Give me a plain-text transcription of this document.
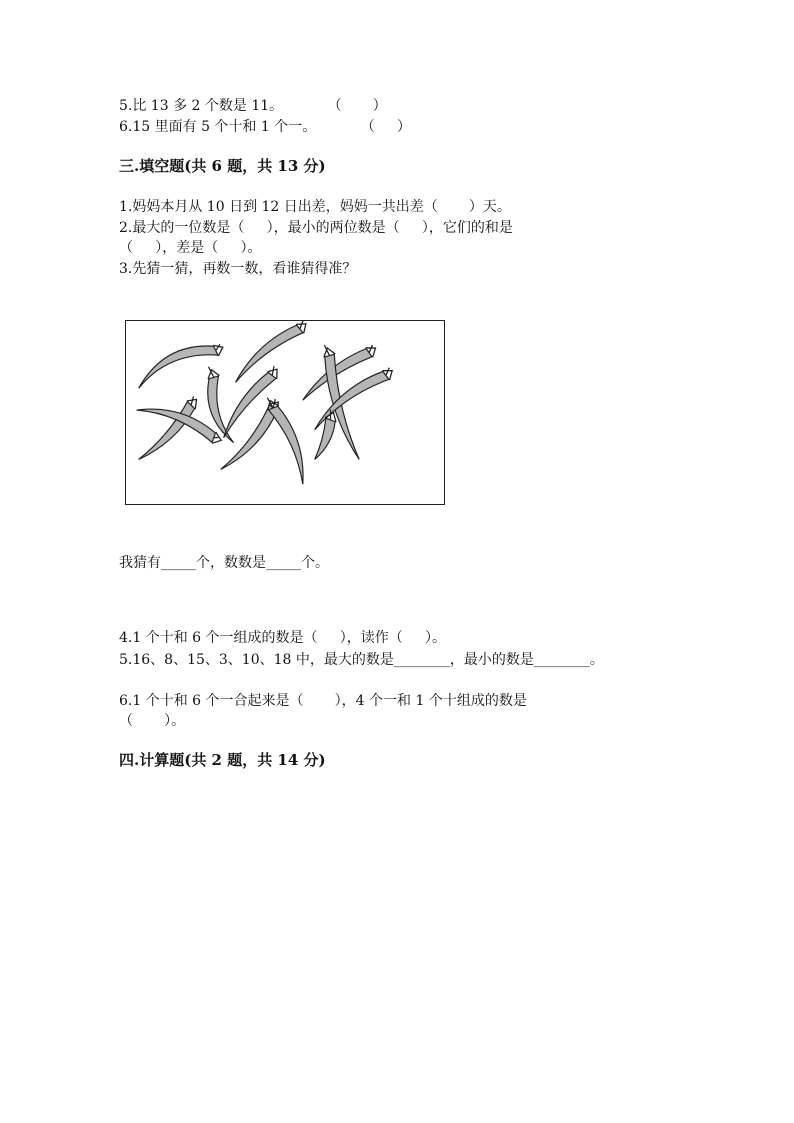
5.比 13 多 2 个数是 11。          （       ）
6.15 里面有 5 个十和 1 个一。          （     ）
三.填空题(共 6 题，共 13 分)
1.妈妈本月从 10 日到 12 日出差，妈妈一共出差（       ）天。
2.最大的一位数是（     ），最小的两位数是（     ），它们的和是
（     ），差是（     ）。
3.先猜一猜，再数一数，看谁猜得准？
我猜有_____个，数数是_____个。
4.1 个十和 6 个一组成的数是（     ），读作（     ）。
5.16、8、15、3、10、18 中，最大的数是________，最小的数是________。
6.1 个十和 6 个一合起来是（       ），4 个一和 1 个十组成的数是
（       ）。
四.计算题(共 2 题，共 14 分)
